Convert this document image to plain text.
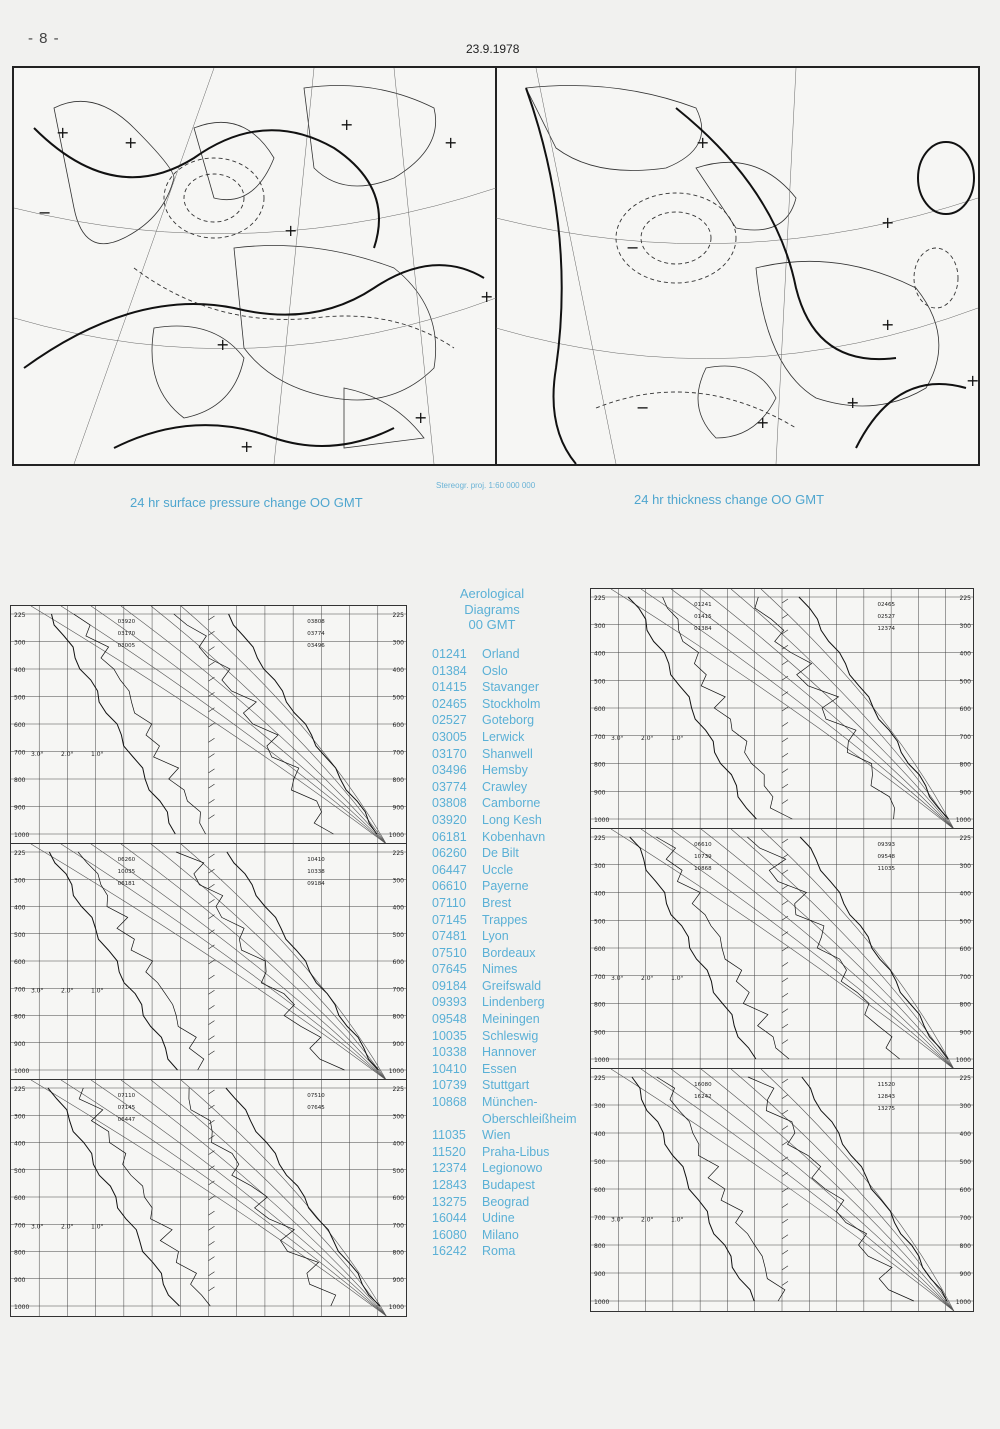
- 8 -
23.9.1978
+
+
+
+
+
+
+
+
−
+
+
+
+
+
+
+
−
−
24 hr surface pressure change OO GMT
Stereogr. proj. 1:60 000 000
24 hr thickness change OO GMT
225
225
300
300
400
400
500
500
600
600
700
700
800
800
900
900
1000
1000
3.0°	2.0°	1.0°
03920
03170
03005
03808
03774
03496
225
225
300
300
400
400
500
500
600
600
700
700
800
800
900
900
1000
1000
3.0°	2.0°	1.0°
06260
10035
06181
10410
10338
09184
225
225
300
300
400
400
500
500
600
600
700
700
800
800
900
900
1000
1000
3.0°	2.0°	1.0°
07110
07145
06447
07510
07645
Aerological
Diagrams
00 GMT
01241 Orland
01384 Oslo
01415 Stavanger
02465 Stockholm
02527 Goteborg
03005 Lerwick
03170 Shanwell
03496 Hemsby
03774 Crawley
03808 Camborne
03920 Long Kesh
06181 Kobenhavn
06260 De Bilt
06447 Uccle
06610 Payerne
07110 Brest
07145 Trappes
07481 Lyon
07510 Bordeaux
07645 Nimes
09184 Greifswald
09393 Lindenberg
09548 Meiningen
10035 Schleswig
10338 Hannover
10410 Essen
10739 Stuttgart
10868 München-Oberschleißheim
11035 Wien
11520 Praha-Libus
12374 Legionowo
12843 Budapest
13275 Beograd
16044 Udine
16080 Milano
16242 Roma
225
225
300
300
400
400
500
500
600
600
700
700
800
800
900
900
1000
1000
3.0°	2.0°	1.0°
01241
01415
01384
02465
02527
12374
225
225
300
300
400
400
500
500
600
600
700
700
800
800
900
900
1000
1000
3.0°	2.0°	1.0°
06610
10739
10868
09393
09548
11035
225
225
300
300
400
400
500
500
600
600
700
700
800
800
900
900
1000
1000
3.0°	2.0°	1.0°
16080
16242
11520
12843
13275
